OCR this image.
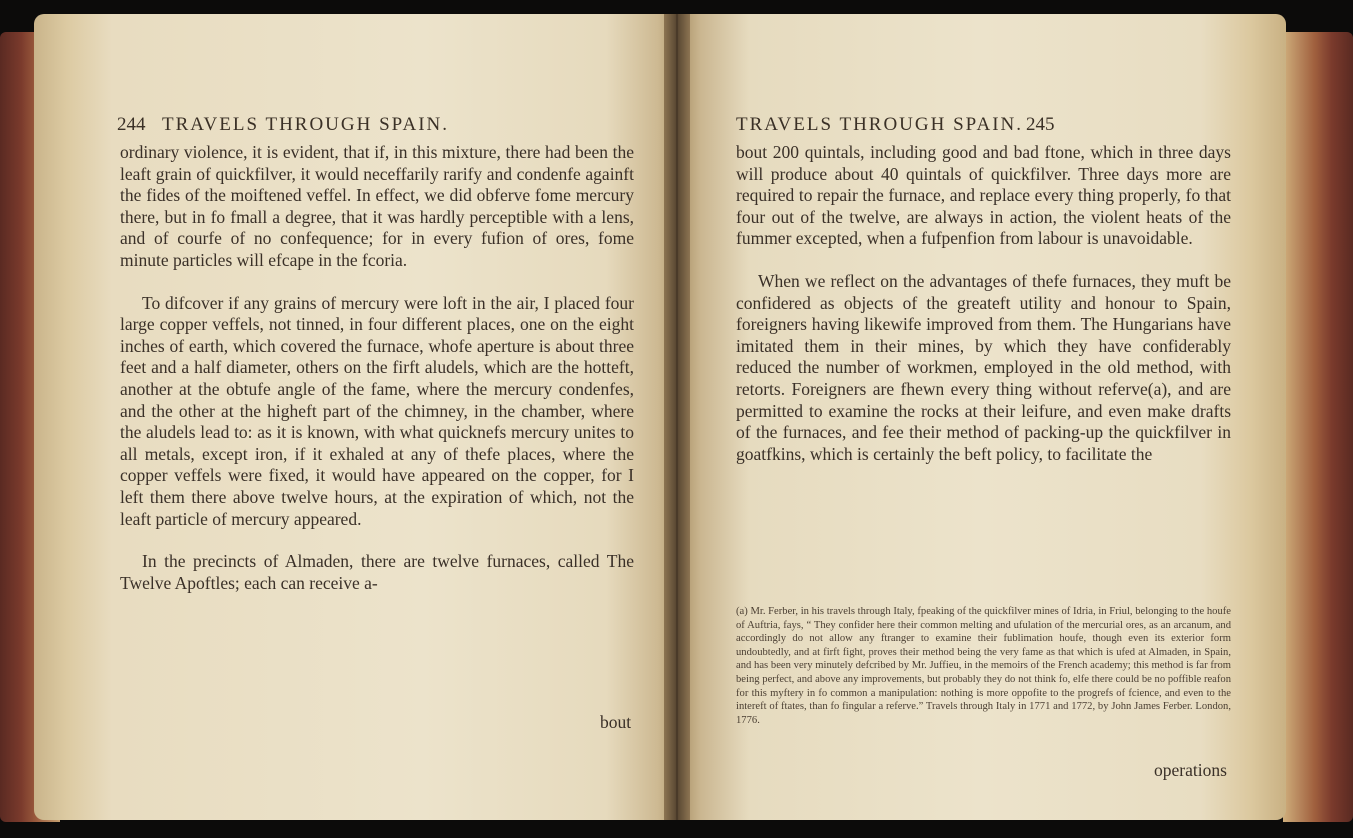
244 TRAVELS THROUGH SPAIN.

ordinary violence, it is evident, that if, in this mixture, there had been the leaft grain of quickfilver, it would neceffarily rarify and condenfe againft the fides of the moiftened veffel. In effect, we did obferve fome mercury there, but in fo fmall a degree, that it was hardly perceptible with a lens, and of courfe of no confequence; for in every fufion of ores, fome minute particles will efcape in the fcoria.

To difcover if any grains of mercury were loft in the air, I placed four large copper veffels, not tinned, in four different places, one on the eight inches of earth, which covered the furnace, whofe aperture is about three feet and a half diameter, others on the firft aludels, which are the hotteft, another at the obtufe angle of the fame, where the mercury condenfes, and the other at the higheft part of the chimney, in the chamber, where the aludels lead to: as it is known, with what quicknefs mercury unites to all metals, except iron, if it exhaled at any of thefe places, where the copper veffels were fixed, it would have appeared on the copper, for I left them there above twelve hours, at the expiration of which, not the leaft particle of mercury appeared.

In the precincts of Almaden, there are twelve furnaces, called The Twelve Apoftles; each can receive a-

bout
TRAVELS THROUGH SPAIN. 245

bout 200 quintals, including good and bad ftone, which in three days will produce about 40 quintals of quickfilver. Three days more are required to repair the furnace, and replace every thing properly, fo that four out of the twelve, are always in action, the violent heats of the fummer excepted, when a fufpenfion from labour is unavoidable.

When we reflect on the advantages of thefe furnaces, they muft be confidered as objects of the greateft utility and honour to Spain, foreigners having likewife improved from them. The Hungarians have imitated them in their mines, by which they have confiderably reduced the number of workmen, employed in the old method, with retorts. Foreigners are fhewn every thing without referve(a), and are permitted to examine the rocks at their leifure, and even make drafts of the furnaces, and fee their method of packing-up the quickfilver in goatfkins, which is certainly the beft policy, to facilitate the

(a) Mr. Ferber, in his travels through Italy, fpeaking of the quickfilver mines of Idria, in Friul, belonging to the houfe of Auftria, fays, “ They confider here their common melting and ufulation of the mercurial ores, as an arcanum, and accordingly do not allow any ftranger to examine their fublimation houfe, though even its exterior form undoubtedly, and at firft fight, proves their method being the very fame as that which is ufed at Almaden, in Spain, and has been very minutely defcribed by Mr. Juffieu, in the memoirs of the French academy; this method is far from being perfect, and above any improvements, but probably they do not think fo, elfe there could be no poffible reafon for this myftery in fo common a manipulation: nothing is more oppofite to the progrefs of fcience, and even to the intereft of ftates, than fo fingular a referve.” Travels through Italy in 1771 and 1772, by John James Ferber. London, 1776.
operations
